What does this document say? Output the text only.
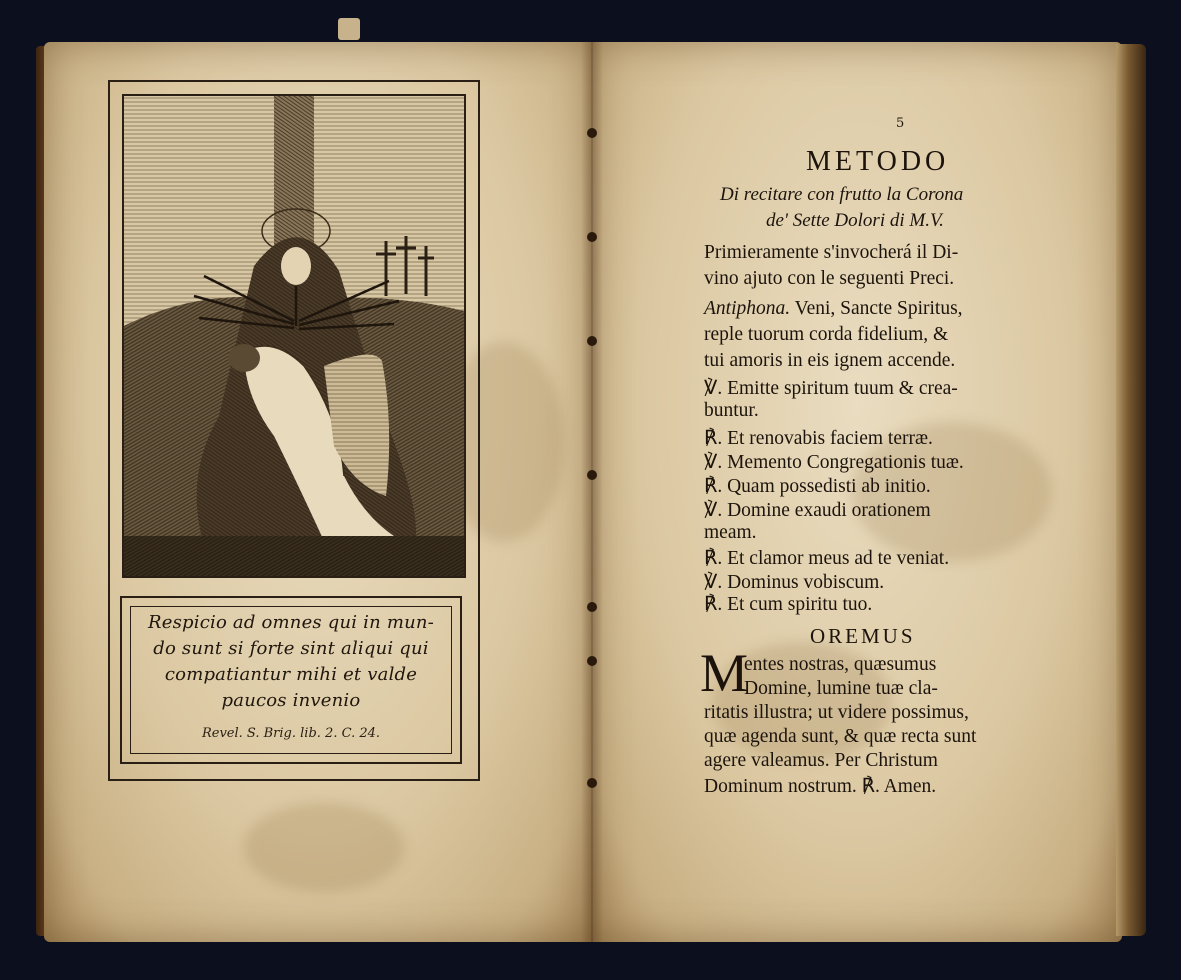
Respicio ad omnes qui in mun-
do sunt si forte sint aliqui qui
compatiantur mihi et valde
paucos invenio
Revel. S. Brig. lib. 2. C. 24.
5
METODO
Di recitare con frutto la Corona
de' Sette Dolori di M.V.
Primieramente s'invocherá il Di-
vino ajuto con le seguenti Preci.
Antiphona. Veni, Sancte Spiritus,
reple tuorum corda fidelium, &
tui amoris in eis ignem accende.
℣. Emitte spiritum tuum & crea-
buntur.
℟. Et renovabis faciem terræ.
℣. Memento Congregationis tuæ.
℟. Quam possedisti ab initio.
℣. Domine exaudi orationem
meam.
℟. Et clamor meus ad te veniat.
℣. Dominus vobiscum.
℟. Et cum spiritu tuo.
OREMUS
M
entes nostras, quæsumus
Domine, lumine tuæ cla-
ritatis illustra; ut videre possimus,
quæ agenda sunt, & quæ recta sunt
agere valeamus. Per Christum
Dominum nostrum. ℟. Amen.
